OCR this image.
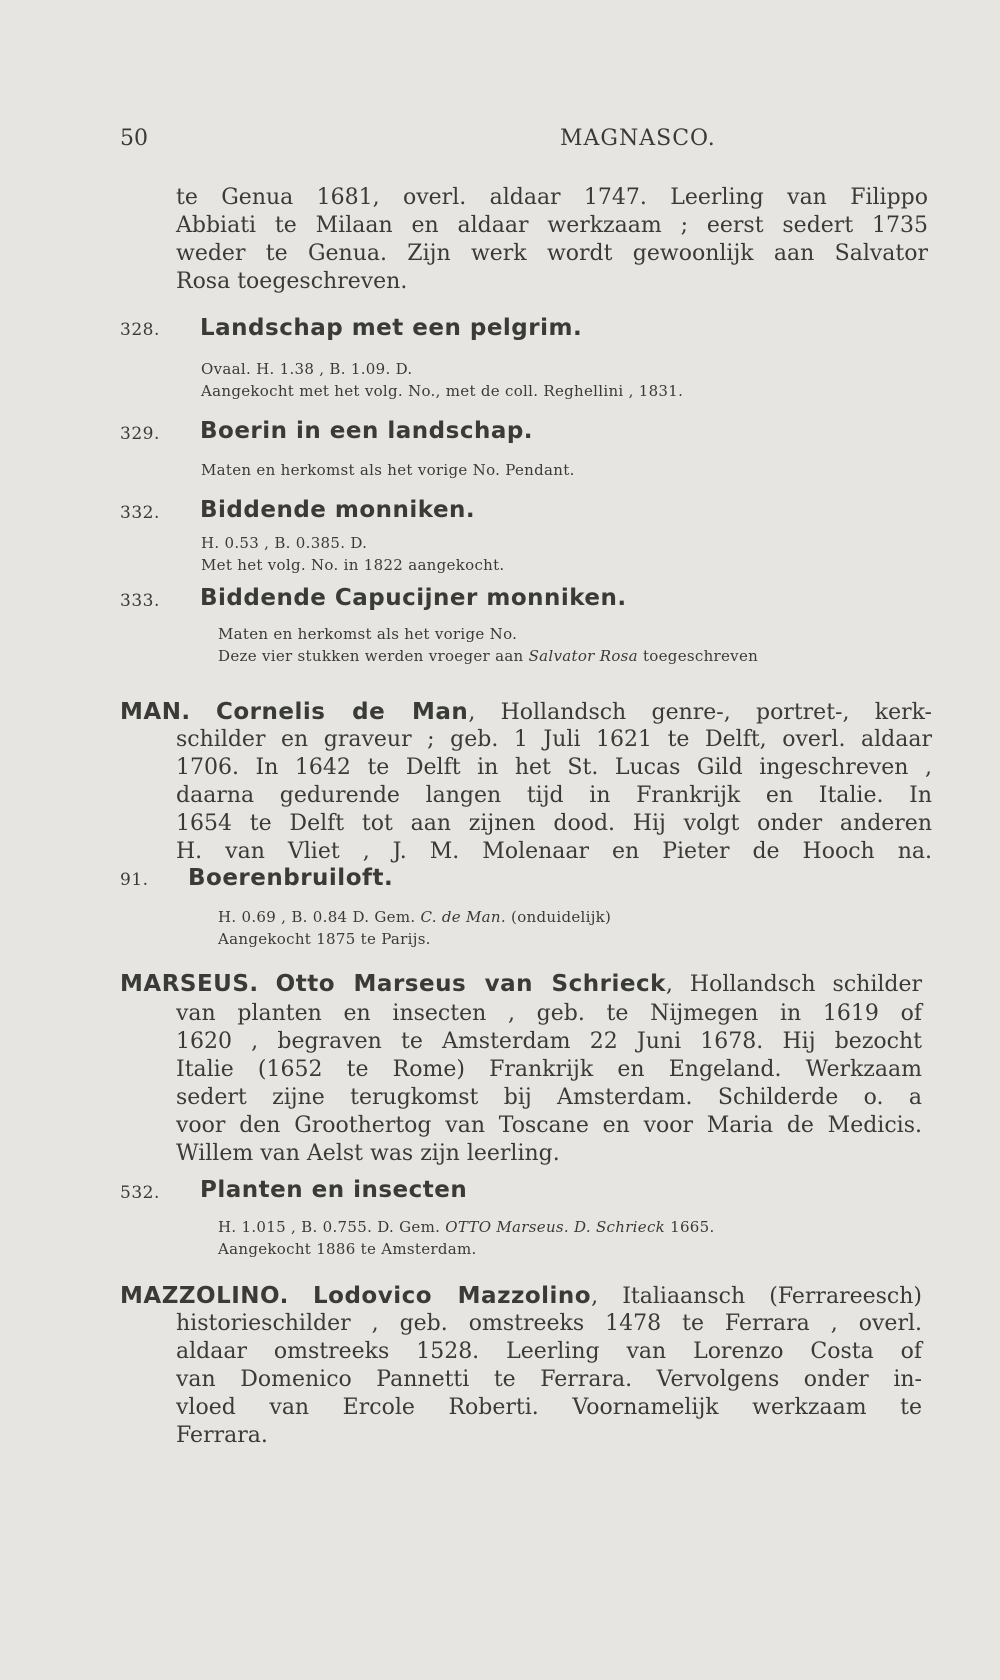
50	MAGNASCO.
te Genua 1681, overl. aldaar 1747. Leerling van Filippo
Abbiati te Milaan en aldaar werkzaam ; eerst sedert 1735
weder te Genua. Zijn werk wordt gewoonlijk aan Salvator
Rosa toegeschreven.
328. Landschap met een pelgrim.
Ovaal. H. 1.38 , B. 1.09. D.
Aangekocht met het volg. No., met de coll. Reghellini , 1831.
329. Boerin in een landschap.
Maten en herkomst als het vorige No. Pendant.
332. Biddende monniken.
H. 0.53 , B. 0.385. D.
Met het volg. No. in 1822 aangekocht.
333. Biddende Capucijner monniken.
Maten en herkomst als het vorige No.
Deze vier stukken werden vroeger aan Salvator Rosa toegeschreven
MAN. Cornelis de Man, Hollandsch genre-, portret-, kerk-
schilder en graveur ; geb. 1 Juli 1621 te Delft, overl. aldaar
1706. In 1642 te Delft in het St. Lucas Gild ingeschreven ,
daarna gedurende langen tijd in Frankrijk en Italie. In
1654 te Delft tot aan zijnen dood. Hij volgt onder anderen
H. van Vliet , J. M. Molenaar en Pieter de Hooch na.
91. Boerenbruiloft.
H. 0.69 , B. 0.84 D. Gem. C. de Man. (onduidelijk)
Aangekocht 1875 te Parijs.
MARSEUS. Otto Marseus van Schrieck, Hollandsch schilder
van planten en insecten , geb. te Nijmegen in 1619 of
1620 , begraven te Amsterdam 22 Juni 1678. Hij bezocht
Italie (1652 te Rome) Frankrijk en Engeland. Werkzaam
sedert zijne terugkomst bij Amsterdam. Schilderde o. a
voor den Groothertog van Toscane en voor Maria de Medicis.
Willem van Aelst was zijn leerling.
532. Planten en insecten
H. 1.015 , B. 0.755. D. Gem. OTTO Marseus. D. Schrieck 1665.
Aangekocht 1886 te Amsterdam.
MAZZOLINO. Lodovico Mazzolino, Italiaansch (Ferrareesch)
historieschilder , geb. omstreeks 1478 te Ferrara , overl.
aldaar omstreeks 1528. Leerling van Lorenzo Costa of
van Domenico Pannetti te Ferrara. Vervolgens onder in-
vloed van Ercole Roberti. Voornamelijk werkzaam te
Ferrara.
